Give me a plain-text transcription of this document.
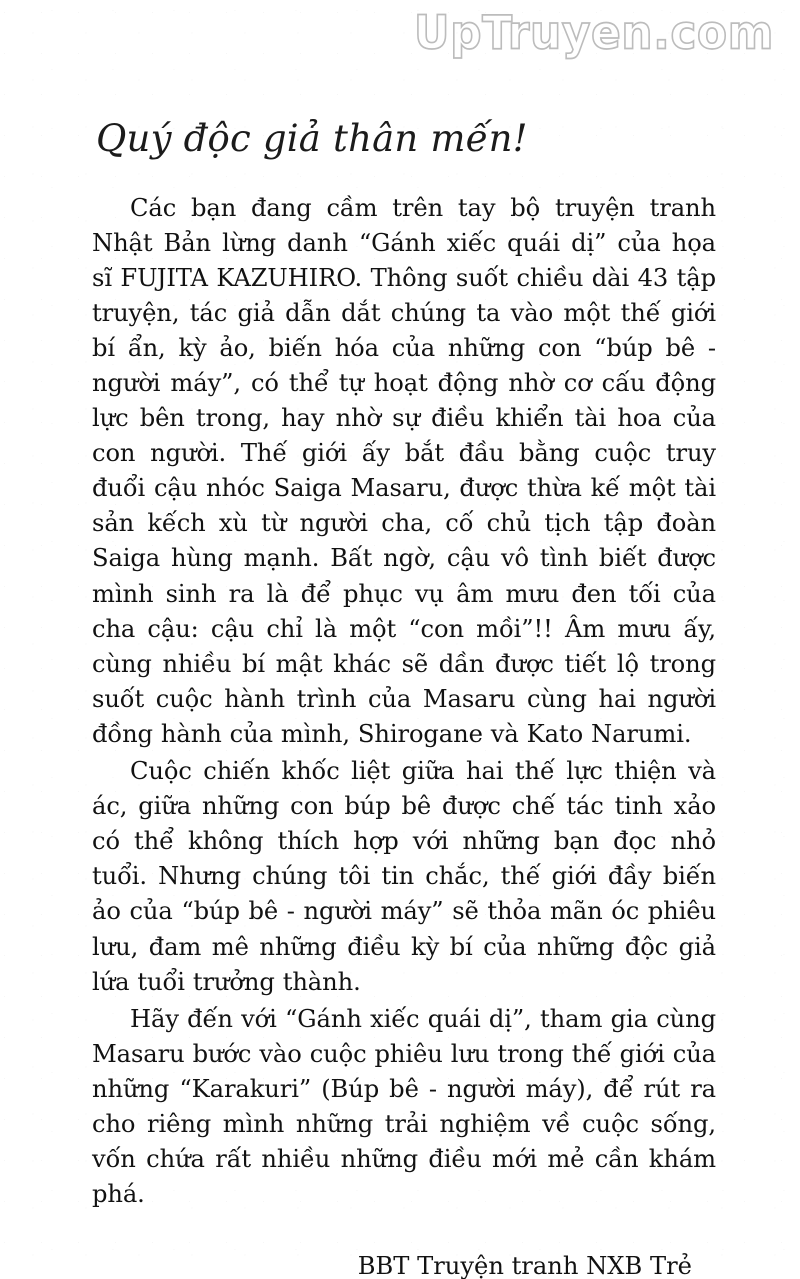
UpTruyen.com
Quý độc giả thân mến!

Các bạn đang cầm trên tay bộ truyện tranh Nhật Bản lừng danh “Gánh xiếc quái dị” của họa sĩ FUJITA KAZUHIRO. Thông suốt chiều dài 43 tập truyện, tác giả dẫn dắt chúng ta vào một thế giới bí ẩn, kỳ ảo, biến hóa của những con “búp bê - người máy”, có thể tự hoạt động nhờ cơ cấu động lực bên trong, hay nhờ sự điều khiển tài hoa của con người. Thế giới ấy bắt đầu bằng cuộc truy đuổi cậu nhóc Saiga Masaru, được thừa kế một tài sản kếch xù từ người cha, cố chủ tịch tập đoàn Saiga hùng mạnh. Bất ngờ, cậu vô tình biết được mình sinh ra là để phục vụ âm mưu đen tối của cha cậu: cậu chỉ là một “con mồi”!! Âm mưu ấy, cùng nhiều bí mật khác sẽ dần được tiết lộ trong suốt cuộc hành trình của Masaru cùng hai người đồng hành của mình, Shirogane và Kato Narumi.

Cuộc chiến khốc liệt giữa hai thế lực thiện và ác, giữa những con búp bê được chế tác tinh xảo có thể không thích hợp với những bạn đọc nhỏ tuổi. Nhưng chúng tôi tin chắc, thế giới đầy biến ảo của “búp bê - người máy” sẽ thỏa mãn óc phiêu lưu, đam mê những điều kỳ bí của những độc giả lứa tuổi trưởng thành.

Hãy đến với “Gánh xiếc quái dị”, tham gia cùng Masaru bước vào cuộc phiêu lưu trong thế giới của những “Karakuri” (Búp bê - người máy), để rút ra cho riêng mình những trải nghiệm về cuộc sống, vốn chứa rất nhiều những điều mới mẻ cần khám phá.

BBT Truyện tranh NXB Trẻ
